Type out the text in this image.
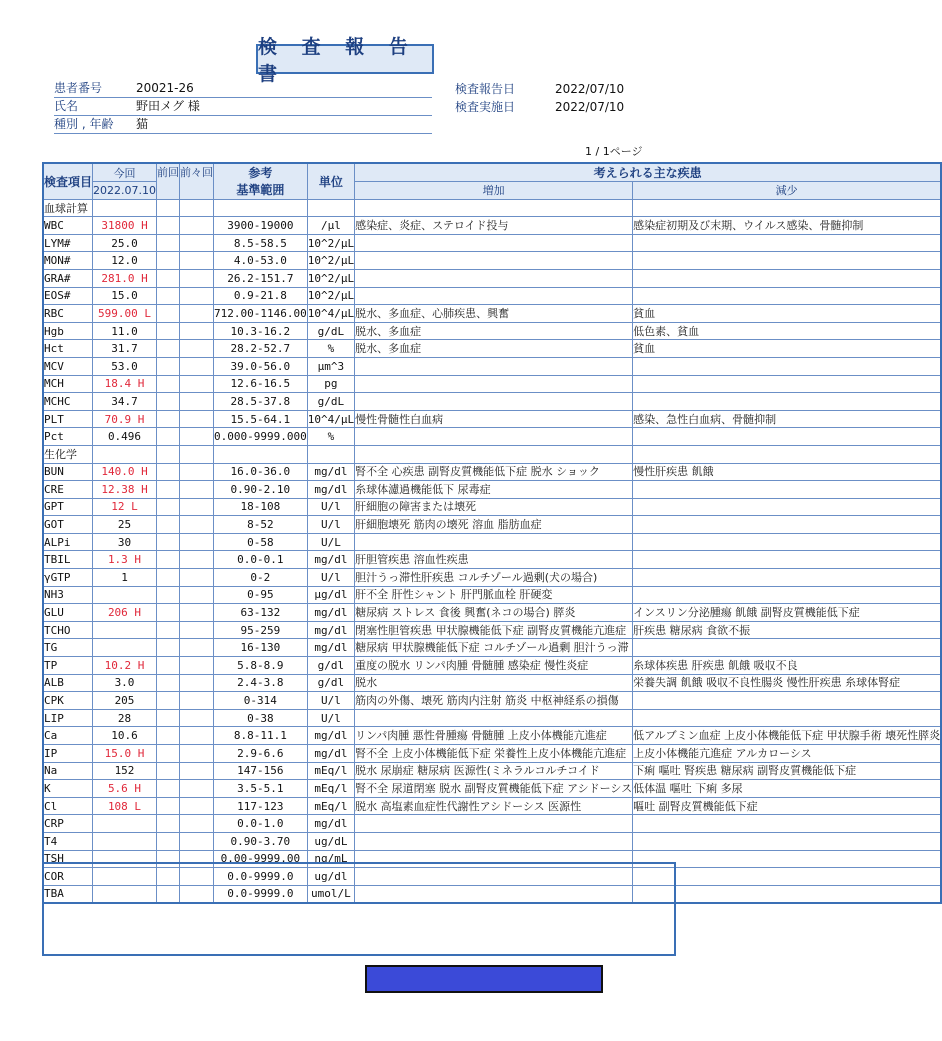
検 査 報 告 書
患者番号	20021-26
氏名	野田メグ 様
種別 , 年齢	猫
検査報告日	2022/07/10
検査実施日	2022/07/10
1 / 1ページ
検査項目	今回	前回	前々回	参考
基準範囲	単位	考えられる主な疾患	
	2022.07.10					増加	減少
血球計算							
WBC	31800 H			3900-19000	/μl	感染症、炎症、ステロイド投与	感染症初期及び末期、ウイルス感染、骨髄抑制
LYM#	25.0			8.5-58.5	10^2/μL		
MON#	12.0			4.0-53.0	10^2/μL		
GRA#	281.0 H			26.2-151.7	10^2/μL		
EOS#	15.0			0.9-21.8	10^2/μL		
RBC	599.00 L			712.00-1146.00	10^4/μL	脱水、多血症、心肺疾患、興奮	貧血
Hgb	11.0			10.3-16.2	g/dL	脱水、多血症	低色素、貧血
Hct	31.7			28.2-52.7	%	脱水、多血症	貧血
MCV	53.0			39.0-56.0	μm^3		
MCH	18.4 H			12.6-16.5	pg		
MCHC	34.7			28.5-37.8	g/dL		
PLT	70.9 H			15.5-64.1	10^4/μL	慢性骨髄性白血病	感染、急性白血病、骨髄抑制
Pct	0.496			0.000-9999.000	%		
生化学							
BUN	140.0 H			16.0-36.0	mg/dl	腎不全 心疾患 副腎皮質機能低下症 脱水 ショック	慢性肝疾患 飢餓
CRE	12.38 H			0.90-2.10	mg/dl	糸球体濾過機能低下 尿毒症	
GPT	12 L			18-108	U/l	肝細胞の障害または壊死	
GOT	25			8-52	U/l	肝細胞壊死 筋肉の壊死 溶血 脂肪血症	
ALPi	30			0-58	U/L		
TBIL	1.3 H			0.0-0.1	mg/dl	肝胆管疾患 溶血性疾患	
γGTP	1			0-2	U/l	胆汁うっ滞性肝疾患 コルチゾール過剰(犬の場合)	
NH3				0-95	μg/dl	肝不全 肝性シャント 肝門脈血栓 肝硬変	
GLU	206 H			63-132	mg/dl	糖尿病 ストレス 食後 興奮(ネコの場合) 膵炎	インスリン分泌腫瘍 飢餓 副腎皮質機能低下症
TCHO				95-259	mg/dl	閉塞性胆管疾患 甲状腺機能低下症 副腎皮質機能亢進症	肝疾患 糖尿病 食欲不振
TG				16-130	mg/dl	糖尿病 甲状腺機能低下症 コルチゾール過剰 胆汁うっ滞	
TP	10.2 H			5.8-8.9	g/dl	重度の脱水 リンパ肉腫 骨髄腫 感染症 慢性炎症	糸球体疾患 肝疾患 飢餓 吸収不良
ALB	3.0			2.4-3.8	g/dl	脱水	栄養失調 飢餓 吸収不良性腸炎 慢性肝疾患 糸球体腎症
CPK	205			0-314	U/l	筋肉の外傷、壊死 筋肉内注射 筋炎 中枢神経系の損傷	
LIP	28			0-38	U/l		
Ca	10.6			8.8-11.1	mg/dl	リンパ肉腫 悪性骨腫瘍 骨髄腫 上皮小体機能亢進症	低アルブミン血症 上皮小体機能低下症 甲状腺手術 壊死性膵炎
IP	15.0 H			2.9-6.6	mg/dl	腎不全 上皮小体機能低下症 栄養性上皮小体機能亢進症	上皮小体機能亢進症 アルカローシス
Na	152			147-156	mEq/l	脱水 尿崩症 糖尿病 医源性(ミネラルコルチコイド	下痢 嘔吐 腎疾患 糖尿病 副腎皮質機能低下症
K	5.6 H			3.5-5.1	mEq/l	腎不全 尿道閉塞 脱水 副腎皮質機能低下症 アシドーシス	低体温 嘔吐 下痢 多尿
Cl	108 L			117-123	mEq/l	脱水 高塩素血症性代謝性アシドーシス 医源性	嘔吐 副腎皮質機能低下症
CRP				0.0-1.0	mg/dl		
T4				0.90-3.70	ug/dL		
TSH				0.00-9999.00	ng/mL		
COR				0.0-9999.0	ug/dl		
TBA				0.0-9999.0	umol/L		
